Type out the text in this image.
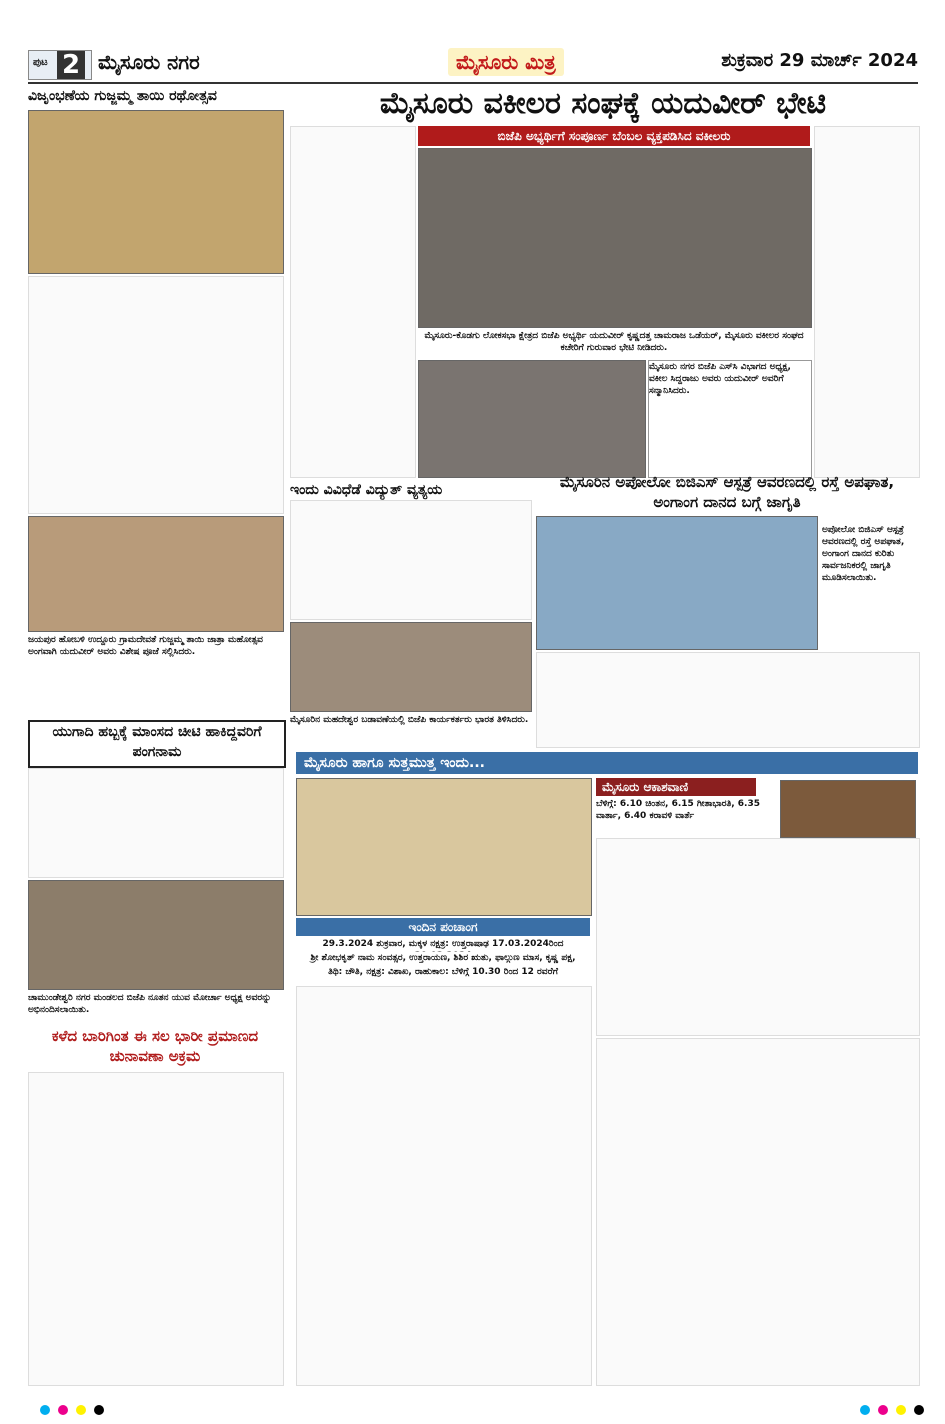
ಪುಟ 2 ಮೈಸೂರು ನಗರ	ಮೈಸೂರು ಮಿತ್ರ	ಶುಕ್ರವಾರ 29 ಮಾರ್ಚ್ 2024
ವಿಜೃಂಭಣೆಯ ಗುಜ್ಜಮ್ಮ ತಾಯಿ ರಥೋತ್ಸವ
ಜಯಪುರ ಹೋಬಳಿ ಉದ್ದೂರು ಗ್ರಾಮದೇವತೆ ಗುಜ್ಜಮ್ಮ ತಾಯಿ ಜಾತ್ರಾ ಮಹೋತ್ಸವ ಅಂಗವಾಗಿ ಯದುವೀರ್ ಅವರು ವಿಶೇಷ ಪೂಜೆ ಸಲ್ಲಿಸಿದರು.
ಯುಗಾದಿ ಹಬ್ಬಕ್ಕೆ ಮಾಂಸದ ಚೀಟಿ ಹಾಕಿದ್ದವರಿಗೆ ಪಂಗನಾಮ
ಚಾಮುಂಡೇಶ್ವರಿ ನಗರ ಮಂಡಲದ ಬಿಜೆಪಿ ನೂತನ ಯುವ ಮೋರ್ಚಾ ಅಧ್ಯಕ್ಷ ಅವರನ್ನು ಅಭಿನಂದಿಸಲಾಯಿತು.
ಕಳೆದ ಬಾರಿಗಿಂತ ಈ ಸಲ ಭಾರೀ ಪ್ರಮಾಣದ ಚುನಾವಣಾ ಅಕ್ರಮ
ಮೈಸೂರು ವಕೀಲರ ಸಂಘಕ್ಕೆ ಯದುವೀರ್ ಭೇಟಿ
ಬಿಜೆಪಿ ಅಭ್ಯರ್ಥಿಗೆ ಸಂಪೂರ್ಣ ಬೆಂಬಲ ವ್ಯಕ್ತಪಡಿಸಿದ ವಕೀಲರು
ಮೈಸೂರು-ಕೊಡಗು ಲೋಕಸಭಾ ಕ್ಷೇತ್ರದ ಬಿಜೆಪಿ ಅಭ್ಯರ್ಥಿ ಯದುವೀರ್ ಕೃಷ್ಣದತ್ತ ಚಾಮರಾಜ ಒಡೆಯರ್, ಮೈಸೂರು ವಕೀಲರ ಸಂಘದ ಕಚೇರಿಗೆ ಗುರುವಾರ ಭೇಟಿ ನೀಡಿದರು.
ಮೈಸೂರು ನಗರ ಬಿಜೆಪಿ ಎಸ್‌ಸಿ ವಿಭಾಗದ ಅಧ್ಯಕ್ಷ, ವಕೀಲ ಸಿದ್ದರಾಜು ಅವರು ಯದುವೀರ್ ಅವರಿಗೆ ಸನ್ಮಾನಿಸಿದರು.
ಇಂದು ವಿವಿಧೆಡೆ ವಿದ್ಯುತ್ ವ್ಯತ್ಯಯ
ಮೈಸೂರಿನ ಮಹದೇಶ್ವರ ಬಡಾವಣೆಯಲ್ಲಿ ಬಿಜೆಪಿ ಕಾರ್ಯಕರ್ತರು ಭಾರತ ತಿಳಿಸಿದರು.
ಮೈಸೂರಿನ ಅಪೋಲೋ ಬಿಜಿಎಸ್ ಆಸ್ಪತ್ರೆ ಆವರಣದಲ್ಲಿ ರಸ್ತೆ ಅಪಘಾತ, ಅಂಗಾಂಗ ದಾನದ ಬಗ್ಗೆ ಜಾಗೃತಿ
ಅಪೋಲೋ ಬಿಜಿಎಸ್ ಆಸ್ಪತ್ರೆ ಆವರಣದಲ್ಲಿ ರಸ್ತೆ ಅಪಘಾತ, ಅಂಗಾಂಗ ದಾನದ ಕುರಿತು ಸಾರ್ವಜನಿಕರಲ್ಲಿ ಜಾಗೃತಿ ಮೂಡಿಸಲಾಯಿತು.
ಮೈಸೂರು ಹಾಗೂ ಸುತ್ತಮುತ್ತ ಇಂದು...
ಮೈಸೂರು ಆಕಾಶವಾಣಿ
ಬೆಳಿಗ್ಗೆ: 6.10 ಚಿಂತನ, 6.15 ಗೀತಾಭಾರತಿ, 6.35 ವಾರ್ತಾ, 6.40 ಕರಾವಳಿ ವಾರ್ತೆ
ಇಂದಿನ ಪಂಚಾಂಗ
29.3.2024 ಶುಕ್ರವಾರ, ಮಕ್ಕಳ ನಕ್ಷತ್ರ: ಉತ್ತರಾಷಾಢ 17.03.2024ರಿಂದ
ಶ್ರೀ ಶೋಭಕೃತ್ ನಾಮ ಸಂವತ್ಸರ, ಉತ್ತರಾಯಣ, ಶಿಶಿರ ಋತು, ಫಾಲ್ಗುಣ ಮಾಸ, ಕೃಷ್ಣ ಪಕ್ಷ,
ತಿಥಿ: ಚೌತಿ, ನಕ್ಷತ್ರ: ವಿಶಾಖ, ರಾಹುಕಾಲ: ಬೆಳಿಗ್ಗೆ 10.30 ರಿಂದ 12 ರವರೆಗೆ
